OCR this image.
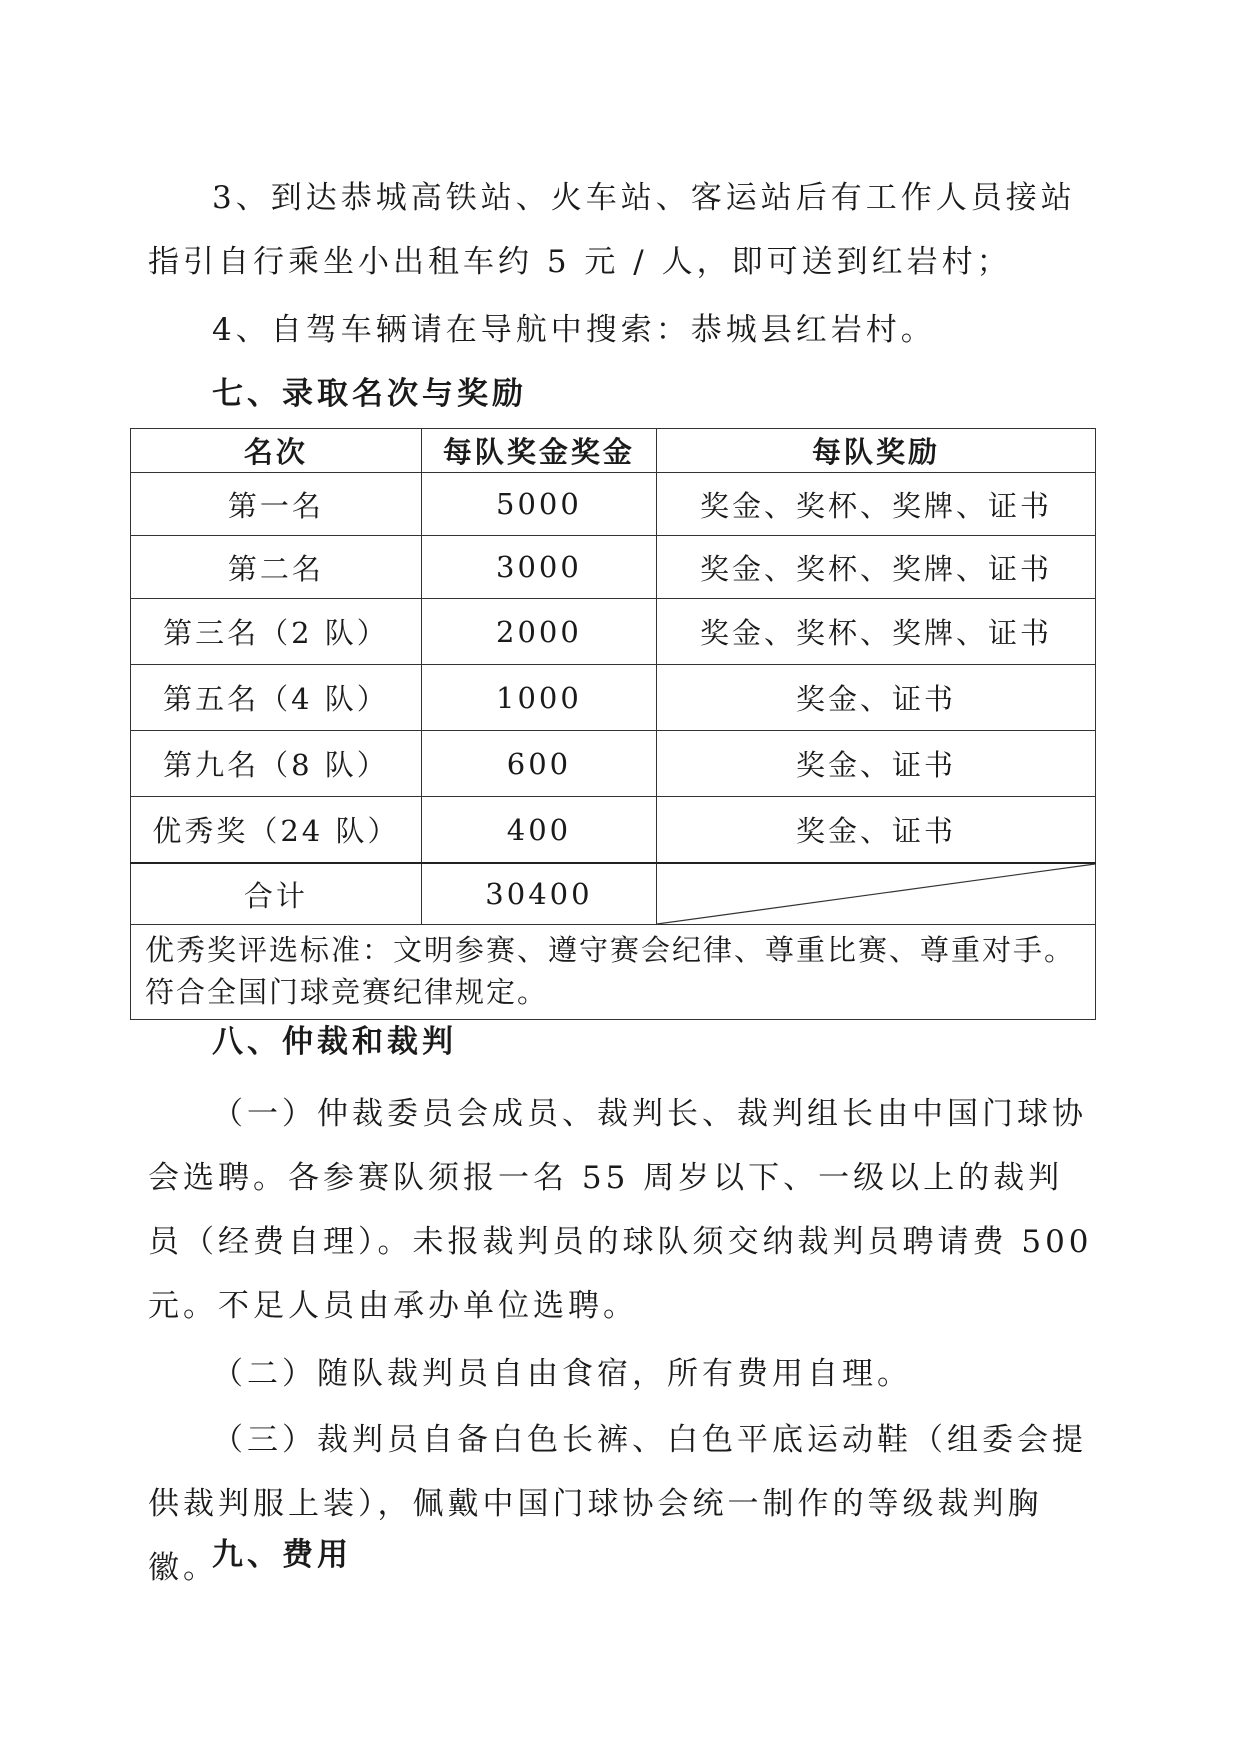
3、到达恭城高铁站、火车站、客运站后有工作人员接站指引自行乘坐小出租车约 5 元 / 人，即可送到红岩村；

4、自驾车辆请在导航中搜索：恭城县红岩村。

七、录取名次与奖励
名次	每队奖金奖金	每队奖励
第一名	5000	奖金、奖杯、奖牌、证书
第二名	3000	奖金、奖杯、奖牌、证书
第三名（2 队）	2000	奖金、奖杯、奖牌、证书
第五名（4 队）	1000	奖金、证书
第九名（8 队）	600	奖金、证书
优秀奖（24 队）	400	奖金、证书
合计	30400	

优秀奖评选标准：文明参赛、遵守赛会纪律、尊重比赛、尊重对手。符合全国门球竞赛纪律规定。		
八、仲裁和裁判

（一）仲裁委员会成员、裁判长、裁判组长由中国门球协会选聘。各参赛队须报一名 55 周岁以下、一级以上的裁判员（经费自理）。未报裁判员的球队须交纳裁判员聘请费 500 元。不足人员由承办单位选聘。

（二）随队裁判员自由食宿，所有费用自理。

（三）裁判员自备白色长裤、白色平底运动鞋（组委会提供裁判服上装），佩戴中国门球协会统一制作的等级裁判胸徽。

九、费用
